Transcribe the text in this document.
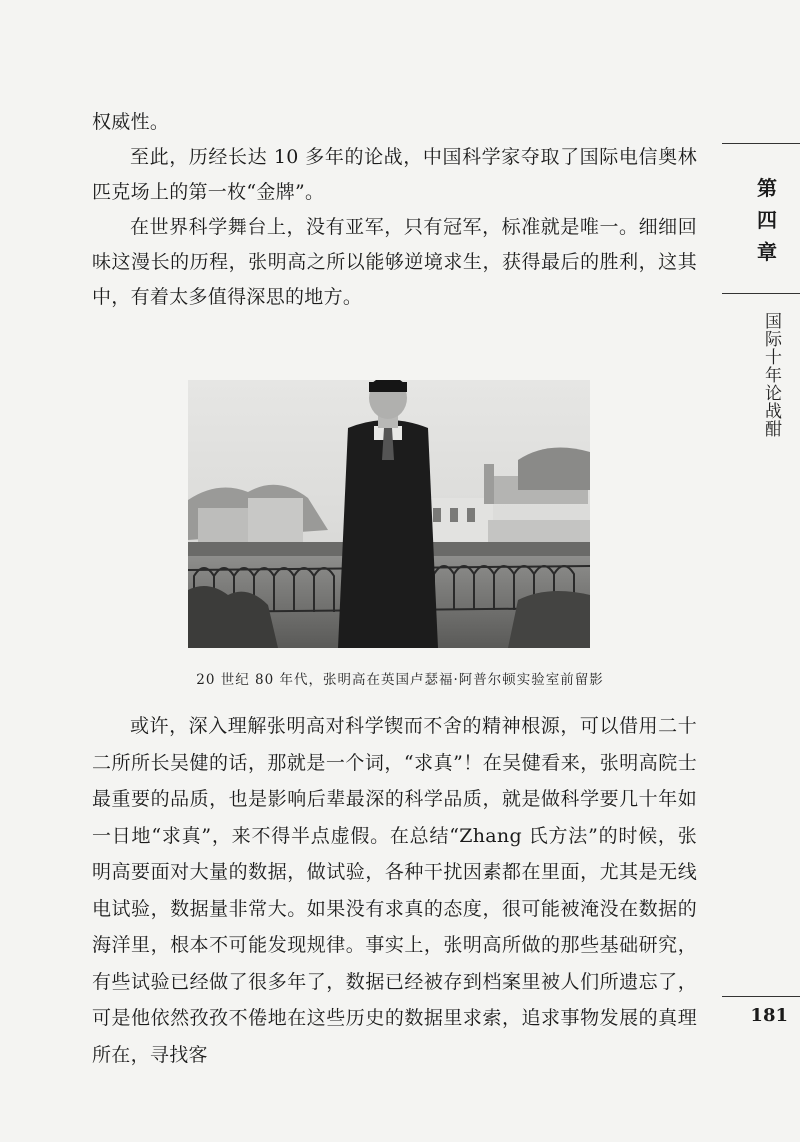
权威性。

至此，历经长达 10 多年的论战，中国科学家夺取了国际电信奥林匹克场上的第一枚“金牌”。

在世界科学舞台上，没有亚军，只有冠军，标准就是唯一。细细回味这漫长的历程，张明高之所以能够逆境求生，获得最后的胜利，这其中，有着太多值得深思的地方。

20 世纪 80 年代，张明高在英国卢瑟福·阿普尔顿实验室前留影

或许，深入理解张明高对科学锲而不舍的精神根源，可以借用二十二所所长吴健的话，那就是一个词，“求真”！在吴健看来，张明高院士最重要的品质，也是影响后辈最深的科学品质，就是做科学要几十年如一日地“求真”，来不得半点虚假。在总结“Zhang 氏方法”的时候，张明高要面对大量的数据，做试验，各种干扰因素都在里面，尤其是无线电试验，数据量非常大。如果没有求真的态度，很可能被淹没在数据的海洋里，根本不可能发现规律。事实上，张明高所做的那些基础研究，有些试验已经做了很多年了，数据已经被存到档案里被人们所遗忘了，可是他依然孜孜不倦地在这些历史的数据里求索，追求事物发展的真理所在，寻找客

第
四
章
国际十年论战酣
181
